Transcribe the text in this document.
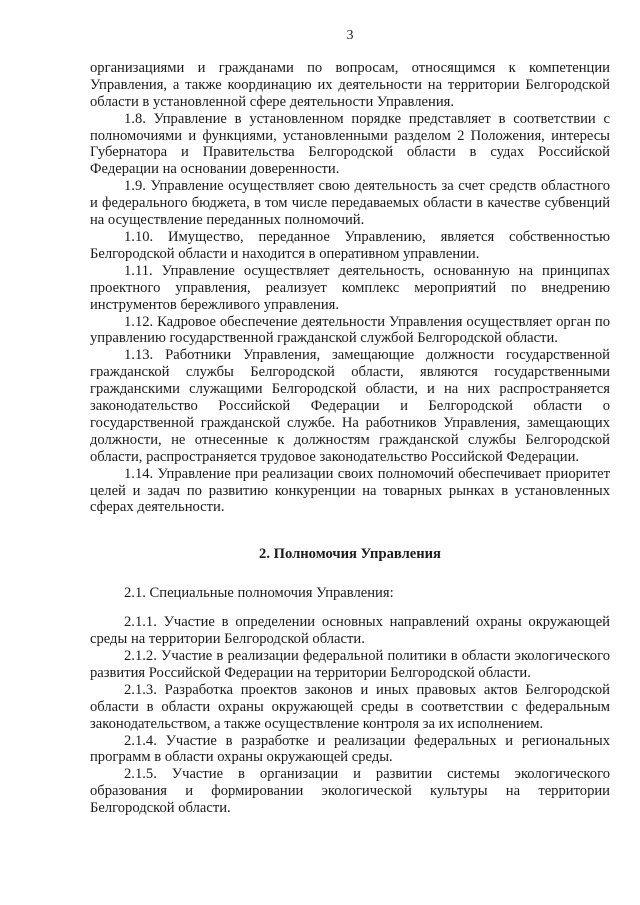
3

организациями и гражданами по вопросам, относящимся к компетенции Управления, а также координацию их деятельности на территории Белгородской области в установленной сфере деятельности Управления.

1.8. Управление в установленном порядке представляет в соответствии с полномочиями и функциями, установленными разделом 2 Положения, интересы Губернатора и Правительства Белгородской области в судах Российской Федерации на основании доверенности.

1.9. Управление осуществляет свою деятельность за счет средств областного и федерального бюджета, в том числе передаваемых области в качестве субвенций на осуществление переданных полномочий.

1.10. Имущество, переданное Управлению, является собственностью Белгородской области и находится в оперативном управлении.

1.11. Управление осуществляет деятельность, основанную на принципах проектного управления, реализует комплекс мероприятий по внедрению инструментов бережливого управления.

1.12. Кадровое обеспечение деятельности Управления осуществляет орган по управлению государственной гражданской службой Белгородской области.

1.13. Работники Управления, замещающие должности государственной гражданской службы Белгородской области, являются государственными гражданскими служащими Белгородской области, и на них распространяется законодательство Российской Федерации и Белгородской области о государственной гражданской службе. На работников Управления, замещающих должности, не отнесенные к должностям гражданской службы Белгородской области, распространяется трудовое законодательство Российской Федерации.

1.14. Управление при реализации своих полномочий обеспечивает приоритет целей и задач по развитию конкуренции на товарных рынках в установленных сферах деятельности.

2. Полномочия Управления

2.1. Специальные полномочия Управления:

2.1.1. Участие в определении основных направлений охраны окружающей среды на территории Белгородской области.

2.1.2. Участие в реализации федеральной политики в области экологического развития Российской Федерации на территории Белгородской области.

2.1.3. Разработка проектов законов и иных правовых актов Белгородской области в области охраны окружающей среды в соответствии с федеральным законодательством, а также осуществление контроля за их исполнением.

2.1.4. Участие в разработке и реализации федеральных и региональных программ в области охраны окружающей среды.

2.1.5. Участие в организации и развитии системы экологического образования и формировании экологической культуры на территории Белгородской области.
